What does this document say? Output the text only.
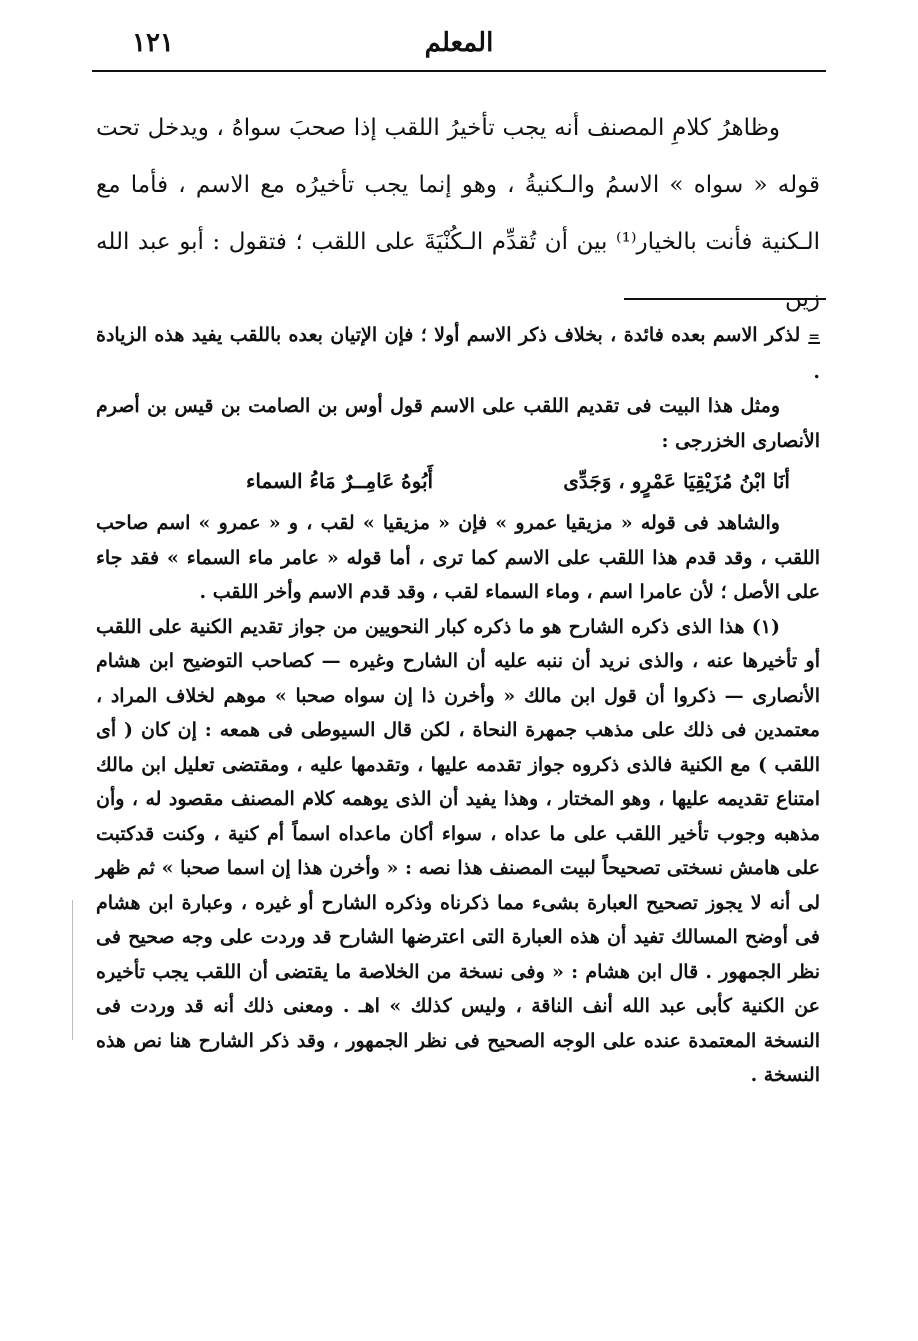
المعلم
١٢١

وظاهرُ كلامِ المصنف أنه يجب تأخيرُ اللقب إذا صحبَ سواهُ ، ويدخل تحت قوله « سواه » الاسمُ والـكنيةُ ، وهو إنما يجب تأخيرُه مع الاسم ، فأما مع الـكنية فأنت بالخيار⁽¹⁾ بين أن تُقدِّم الـكُنْيَةَ على اللقب ؛ فتقول : أبو عبد الله زين

=لذكر الاسم بعده فائدة ، بخلاف ذكر الاسم أولا ؛ فإن الإتيان بعده باللقب يفيد هذه الزيادة .

ومثل هذا البيت فى تقديم اللقب على الاسم قول أوس بن الصامت بن قيس بن أصرم الأنصارى الخزرجى :

أنَا ابْنُ مُزَيْقِيَا عَمْرٍو ، وَجَدِّى
أَبُوهُ عَامِــرٌ مَاءُ السماء

والشاهد فى قوله « مزيقيا عمرو » فإن « مزيقيا » لقب ، و « عمرو » اسم صاحب اللقب ، وقد قدم هذا اللقب على الاسم كما ترى ، أما قوله « عامر ماء السماء » فقد جاء على الأصل ؛ لأن عامرا اسم ، وماء السماء لقب ، وقد قدم الاسم وأخر اللقب .

(١) هذا الذى ذكره الشارح هو ما ذكره كبار النحويين من جواز تقديم الكنية على اللقب أو تأخيرها عنه ، والذى نريد أن ننبه عليه أن الشارح وغيره — كصاحب التوضيح ابن هشام الأنصارى — ذكروا أن قول ابن مالك « وأخرن ذا إن سواه صحبا » موهم لخلاف المراد ، معتمدين فى ذلك على مذهب جمهرة النحاة ، لكن قال السيوطى فى همعه : إن كان ( أى اللقب ) مع الكنية فالذى ذكروه جواز تقدمه عليها ، وتقدمها عليه ، ومقتضى تعليل ابن مالك امتناع تقديمه عليها ، وهو المختار ، وهذا يفيد أن الذى يوهمه كلام المصنف مقصود له ، وأن مذهبه وجوب تأخير اللقب على ما عداه ، سواء أكان ماعداه اسماً أم كنية ، وكنت قدكتبت على هامش نسختى تصحيحاً لبيت المصنف هذا نصه : « وأخرن هذا إن اسما صحبا » ثم ظهر لى أنه لا يجوز تصحيح العبارة بشىء مما ذكرناه وذكره الشارح أو غيره ، وعبارة ابن هشام فى أوضح المسالك تفيد أن هذه العبارة التى اعترضها الشارح قد وردت على وجه صحيح فى نظر الجمهور . قال ابن هشام : « وفى نسخة من الخلاصة ما يقتضى أن اللقب يجب تأخيره عن الكنية كأبى عبد الله أنف الناقة ، وليس كذلك » اهـ . ومعنى ذلك أنه قد وردت فى النسخة المعتمدة عنده على الوجه الصحيح فى نظر الجمهور ، وقد ذكر الشارح هنا نص هذه النسخة .
